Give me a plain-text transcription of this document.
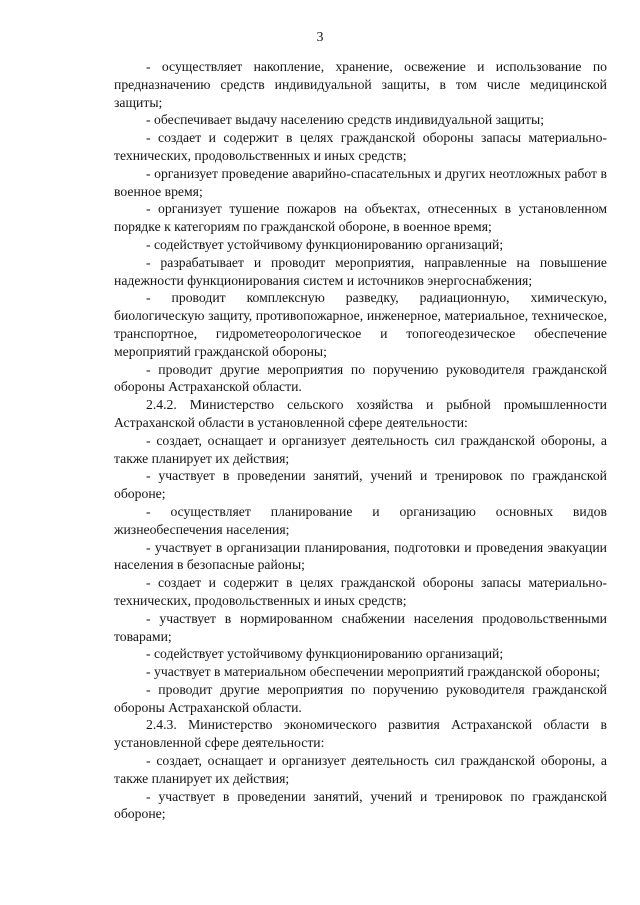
3

- осуществляет накопление, хранение, освежение и использование по предназначению средств индивидуальной защиты, в том числе медицинской защиты;

- обеспечивает выдачу населению средств индивидуальной защиты;

- создает и содержит в целях гражданской обороны запасы материально-технических, продовольственных и иных средств;

- организует проведение аварийно-спасательных и других неотложных работ в военное время;

- организует тушение пожаров на объектах, отнесенных в установленном порядке к категориям по гражданской обороне, в военное время;

- содействует устойчивому функционированию организаций;

- разрабатывает и проводит мероприятия, направленные на повышение надежности функционирования систем и источников энергоснабжения;

- проводит комплексную разведку, радиационную, химическую, биологическую защиту, противопожарное, инженерное, материальное, техническое, транспортное, гидрометеорологическое и топогеодезическое обеспечение мероприятий гражданской обороны;

- проводит другие мероприятия по поручению руководителя гражданской обороны Астраханской области.

2.4.2. Министерство сельского хозяйства и рыбной промышленности Астраханской области в установленной сфере деятельности:

- создает, оснащает и организует деятельность сил гражданской обороны, а также планирует их действия;

- участвует в проведении занятий, учений и тренировок по гражданской обороне;

- осуществляет планирование и организацию основных видов жизнеобеспечения населения;

- участвует в организации планирования, подготовки и проведения эвакуации населения в безопасные районы;

- создает и содержит в целях гражданской обороны запасы материально-технических, продовольственных и иных средств;

- участвует в нормированном снабжении населения продовольственными товарами;

- содействует устойчивому функционированию организаций;

- участвует в материальном обеспечении мероприятий гражданской обороны;

- проводит другие мероприятия по поручению руководителя гражданской обороны Астраханской области.

2.4.3. Министерство экономического развития Астраханской области в установленной сфере деятельности:

- создает, оснащает и организует деятельность сил гражданской обороны, а также планирует их действия;

- участвует в проведении занятий, учений и тренировок по гражданской обороне;
